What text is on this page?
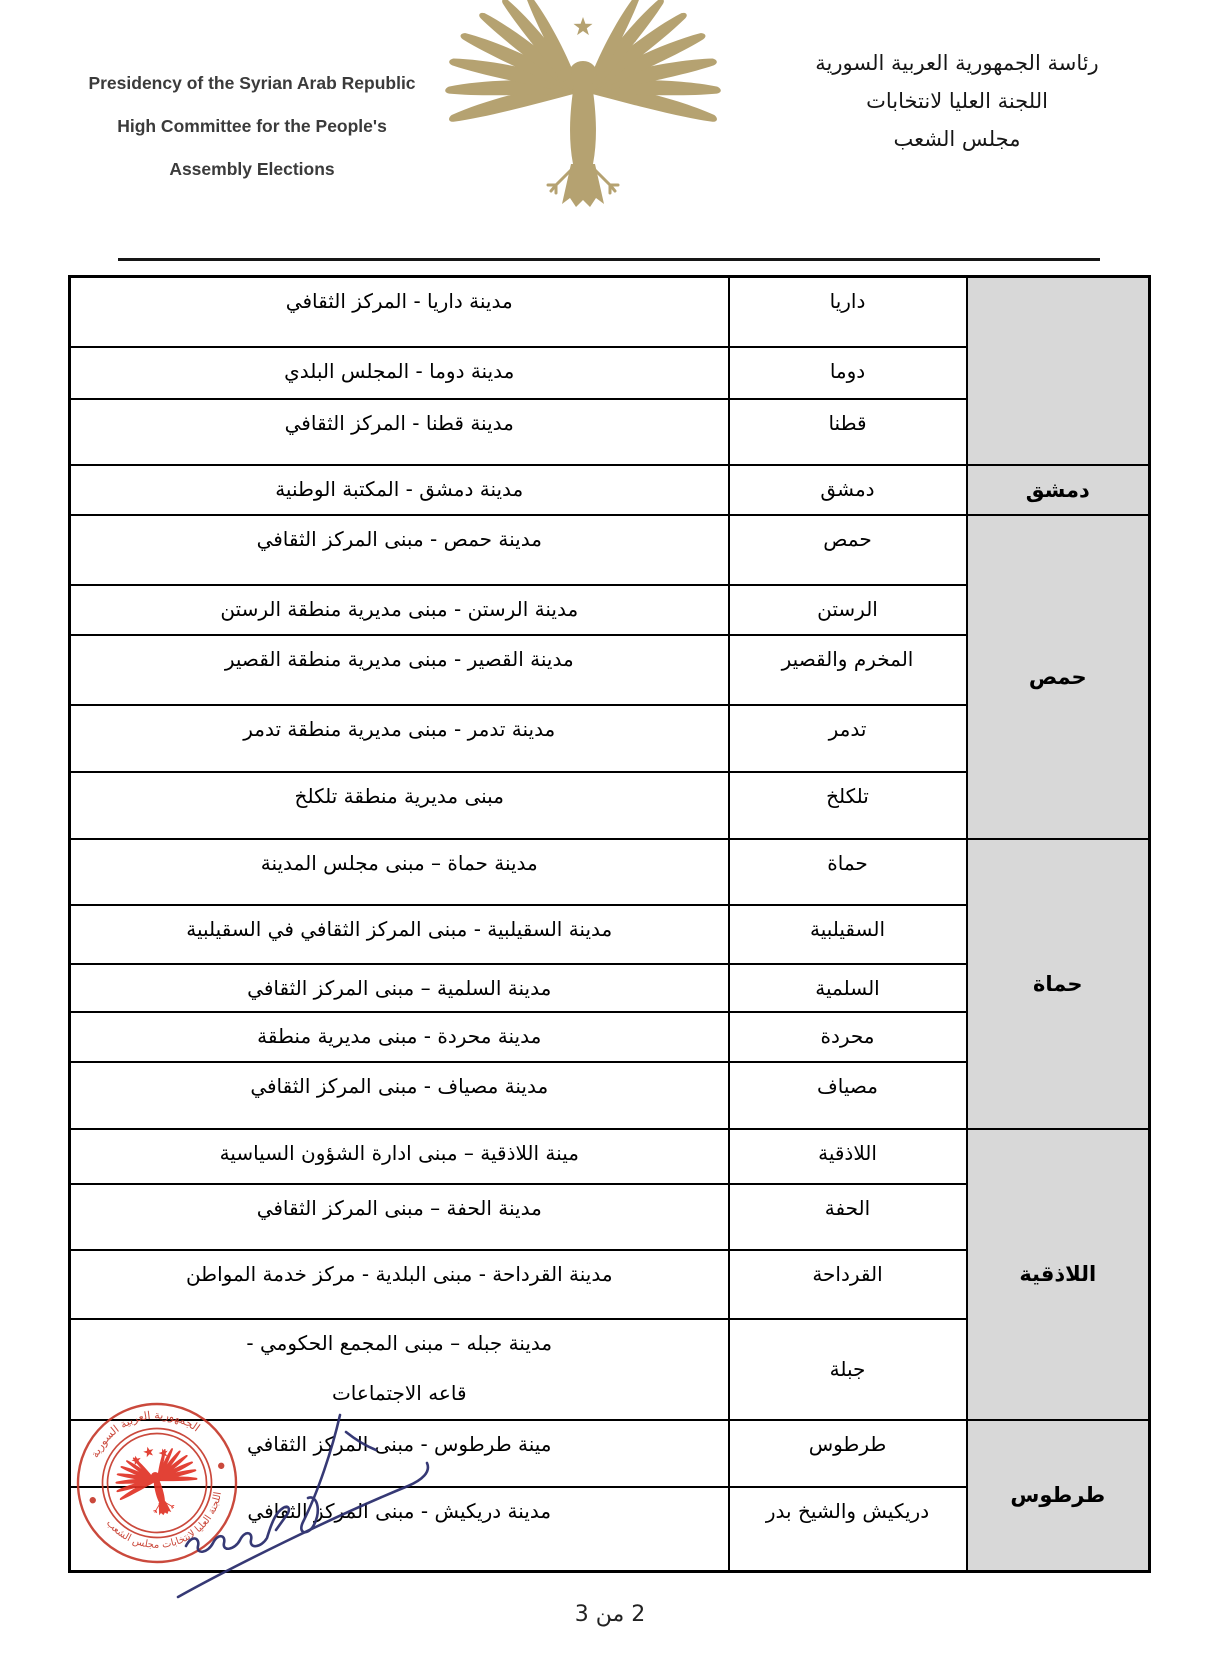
Presidency of the Syrian Arab Republic
High Committee for the People's
Assembly Elections
رئاسة الجمهورية العربية السورية
اللجنة العليا لانتخابات
مجلس الشعب
	داريا	مدينة داريا - المركز الثقافي
	دوما	مدينة دوما - المجلس البلدي
	قطنا	مدينة قطنا - المركز الثقافي
دمشق	دمشق	مدينة دمشق - المكتبة الوطنية
حمص	حمص	مدينة حمص - مبنى المركز الثقافي
	الرستن	مدينة الرستن - مبنى مديرية منطقة الرستن
	المخرم والقصير	مدينة القصير - مبنى مديرية منطقة القصير
	تدمر	مدينة تدمر - مبنى مديرية منطقة تدمر
	تلكلخ	مبنى مديرية منطقة تلكلخ
حماة	حماة	مدينة حماة – مبنى مجلس المدينة
	السقيلبية	مدينة السقيلبية - مبنى المركز الثقافي في السقيلبية
	السلمية	مدينة السلمية – مبنى المركز الثقافي
	محردة	مدينة محردة - مبنى مديرية منطقة
	مصياف	مدينة مصياف - مبنى المركز الثقافي
اللاذقية	اللاذقية	مينة اللاذقية – مبنى ادارة الشؤون السياسية
	الحفة	مدينة الحفة – مبنى المركز الثقافي
	القرداحة	مدينة القرداحة - مبنى البلدية - مركز خدمة المواطن
	جبلة	مدينة جبله – مبنى المجمع الحكومي -
قاعه الاجتماعات

طرطوس	طرطوس	مينة طرطوس - مبنى المركز الثقافي
	دريكيش والشيخ بدر	مدينة دريكيش - مبنى المركز الثقافي
الجمهورية العربية السورية
اللجنة العليا لانتخابات مجلس الشعب
2 من 3
